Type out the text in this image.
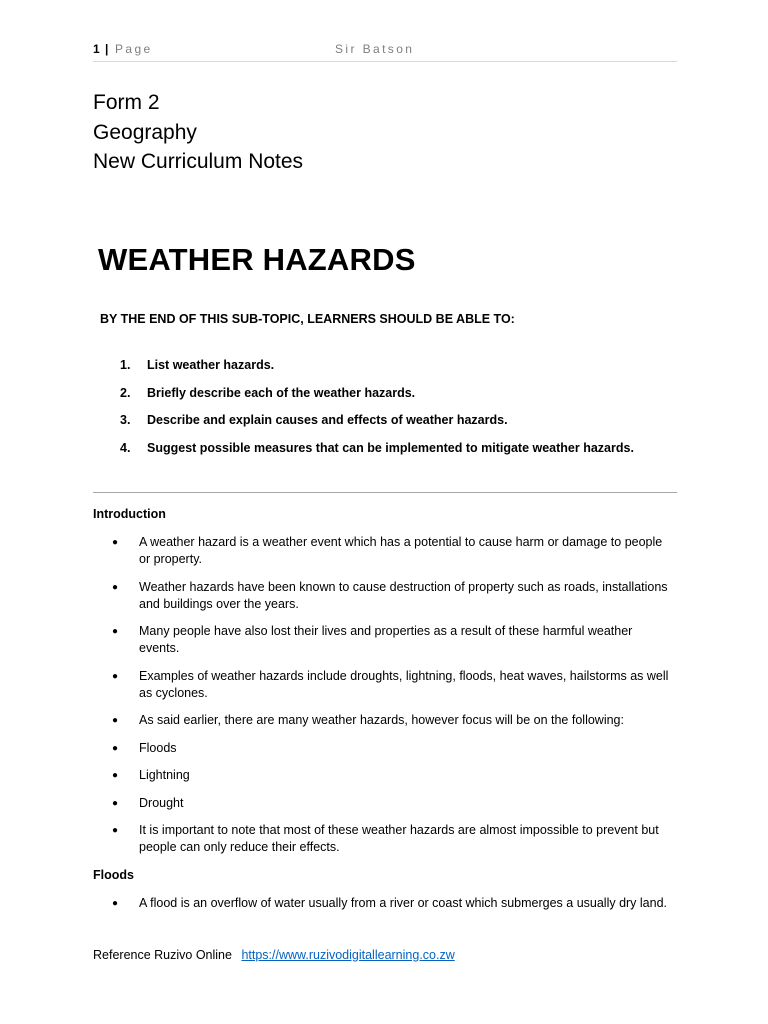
1 | Page	Sir Batson
Form 2
Geography
New Curriculum Notes
WEATHER HAZARDS
BY THE END OF THIS SUB-TOPIC, LEARNERS SHOULD BE ABLE TO:
1.	List weather hazards.
2.	Briefly describe each of the weather hazards.
3.	Describe and explain causes and effects of weather hazards.
4.	Suggest possible measures that can be implemented to mitigate weather hazards.
Introduction
●	A weather hazard is a weather event which has a potential to cause harm or damage to people or property.
●	Weather hazards have been known to cause destruction of property such as roads, installations and buildings over the years.
●	Many people have also lost their lives and properties as a result of these harmful weather events.
●	Examples of weather hazards include droughts, lightning, floods, heat waves, hailstorms as well as cyclones.
●	As said earlier, there are many weather hazards, however focus will be on the following:
●	Floods
●	Lightning
●	Drought
●	It is important to note that most of these weather hazards are almost impossible to prevent but people can only reduce their effects.
Floods
●	A flood is an overflow of water usually from a river or coast which submerges a usually dry land.
Reference Ruzivo Online https://www.ruzivodigitallearning.co.zw
